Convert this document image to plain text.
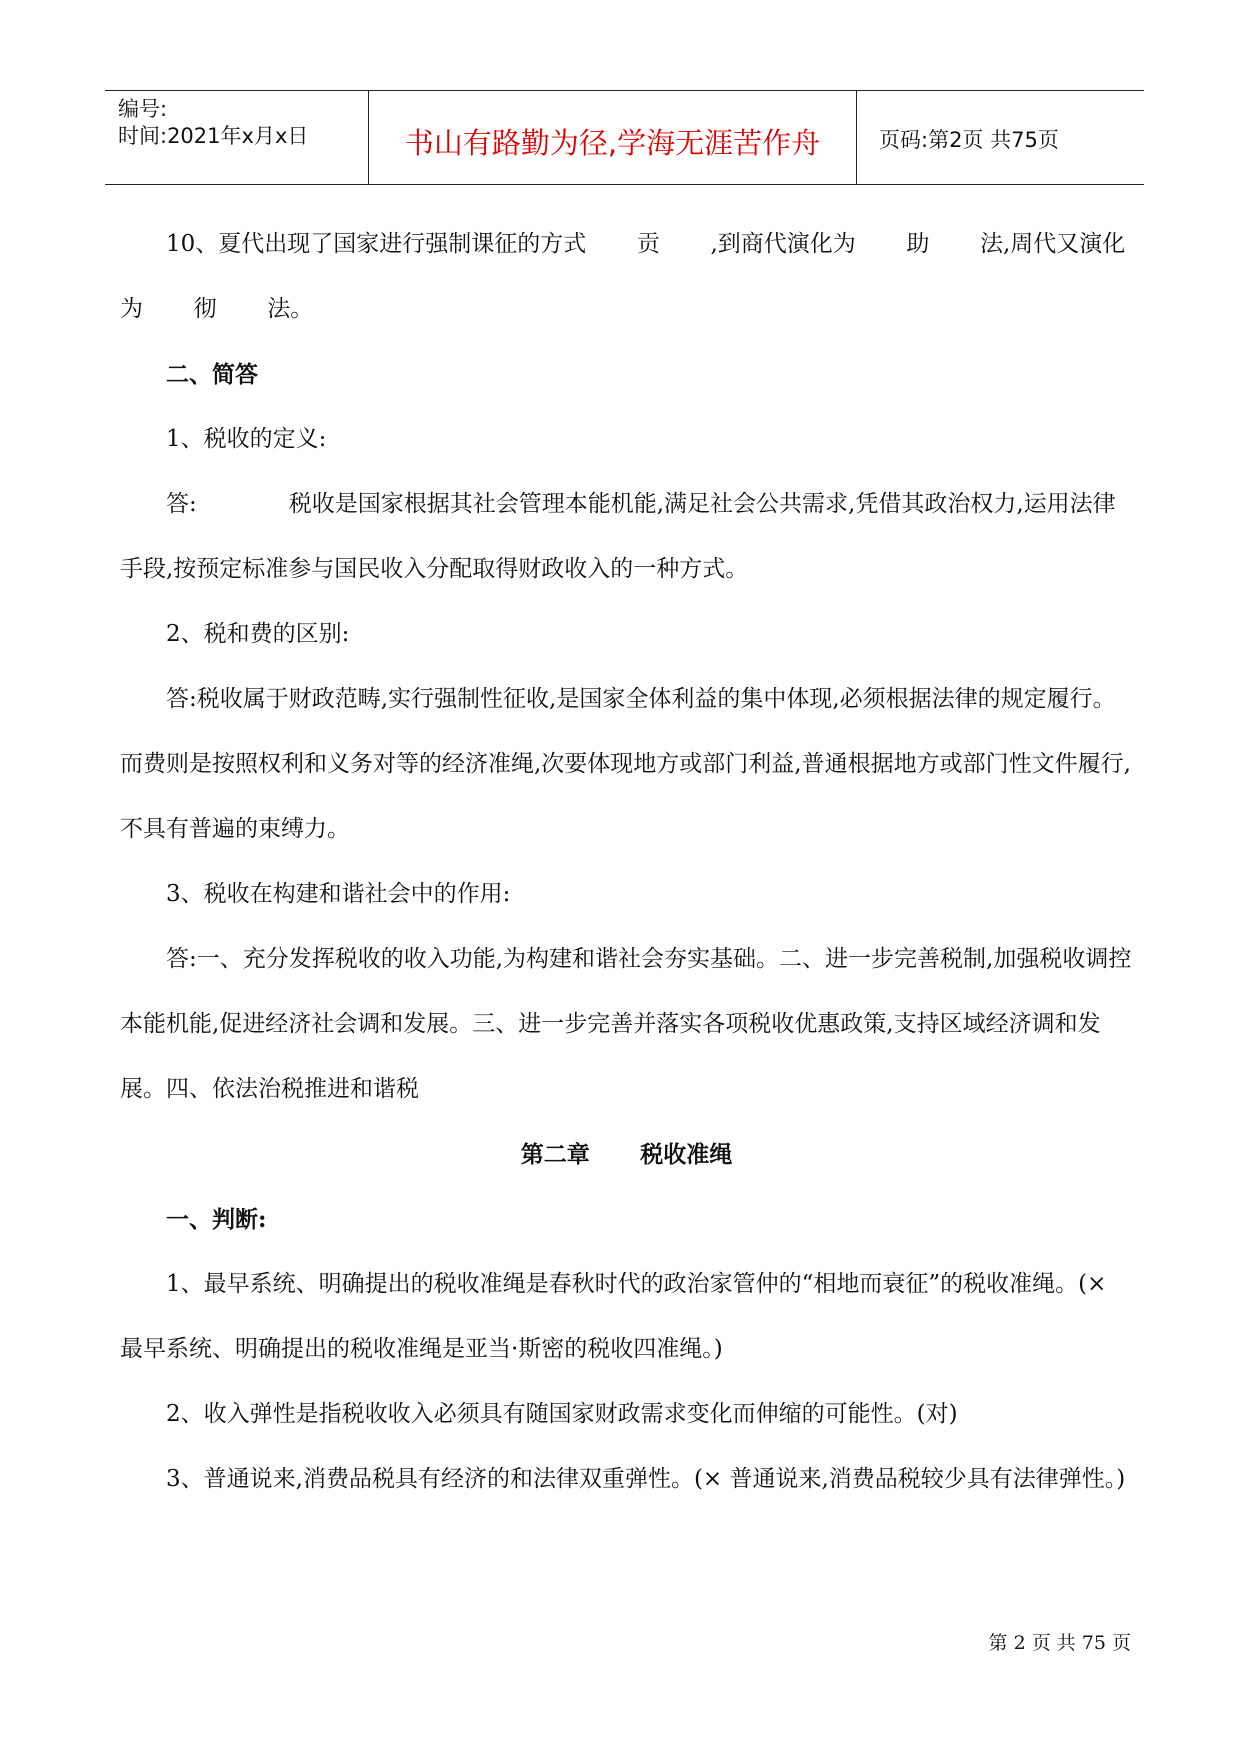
编号:
时间:2021年x月x日	书山有路勤为径,学海无涯苦作舟	页码:第2页 共75页

10、夏代出现了国家进行强制课征的方式 贡 ,到商代演化为 助 法,周代又演化为 彻 法。

二、简答

1、税收的定义:

答:	税收是国家根据其社会管理本能机能,满足社会公共需求,凭借其政治权力,运用法律手段,按预定标准参与国民收入分配取得财政收入的一种方式。

2、税和费的区别:

答:税收属于财政范畴,实行强制性征收,是国家全体利益的集中体现,必须根据法律的规定履行。而费则是按照权利和义务对等的经济准绳,次要体现地方或部门利益,普通根据地方或部门性文件履行,不具有普遍的束缚力。

3、税收在构建和谐社会中的作用:

答:一、充分发挥税收的收入功能,为构建和谐社会夯实基础。二、进一步完善税制,加强税收调控本能机能,促进经济社会调和发展。三、进一步完善并落实各项税收优惠政策,支持区域经济调和发展。四、依法治税推进和谐税

第二章 税收准绳

一、判断:

1、最早系统、明确提出的税收准绳是春秋时代的政治家管仲的“相地而衰征”的税收准绳。(× 最早系统、明确提出的税收准绳是亚当·斯密的税收四准绳。)

2、收入弹性是指税收收入必须具有随国家财政需求变化而伸缩的可能性。(对)

3、普通说来,消费品税具有经济的和法律双重弹性。(× 普通说来,消费品税较少具有法律弹性。)

第 2 页 共 75 页
